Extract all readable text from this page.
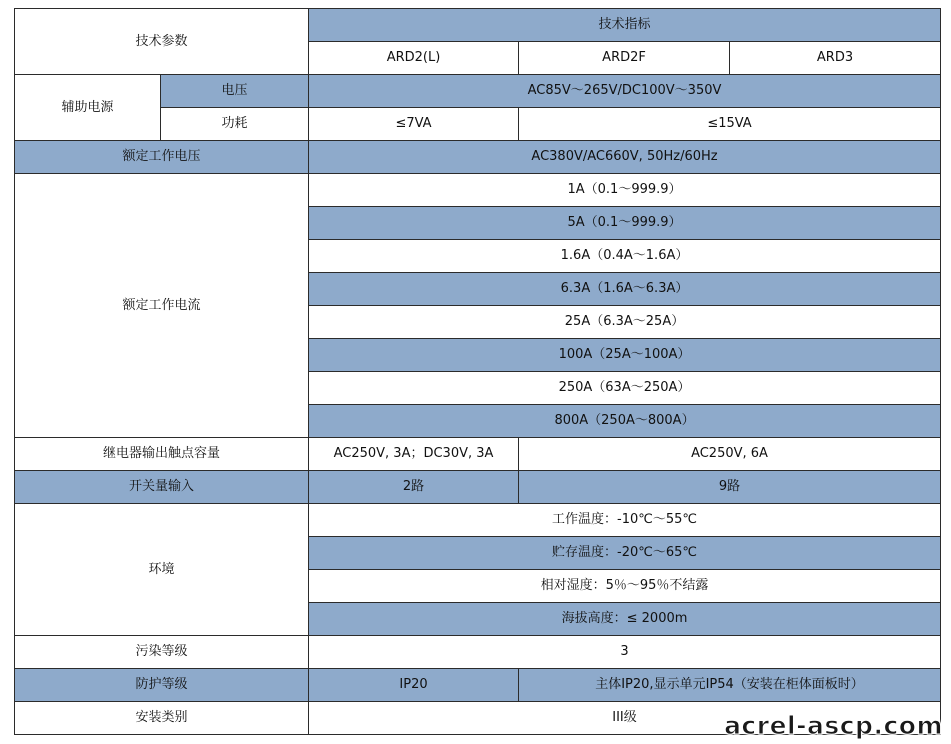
技术参数		技术指标		
		ARD2(L)	ARD2F	ARD3
辅助电源	电压	AC85V～265V/DC100V～350V		
	功耗	≤7VA	≤15VA	
额定工作电压		AC380V/AC660V, 50Hz/60Hz		
额定工作电流		1A（0.1～999.9）		
		5A（0.1～999.9）		
		1.6A（0.4A～1.6A）		
		6.3A（1.6A～6.3A）		
		25A（6.3A～25A）		
		100A（25A～100A）		
		250A（63A～250A）		
		800A（250A～800A）		
继电器输出触点容量		AC250V, 3A；DC30V, 3A	AC250V, 6A	
开关量输入		2路	9路	
环境		工作温度：-10℃～55℃		
		贮存温度：-20℃～65℃		
		相对湿度：5％～95％不结露		
		海拔高度：≤ 2000m		
污染等级		3		
防护等级		IP20	主体IP20,显示单元IP54（安装在柜体面板时）	
安装类别		III级			acrel-ascp.com
